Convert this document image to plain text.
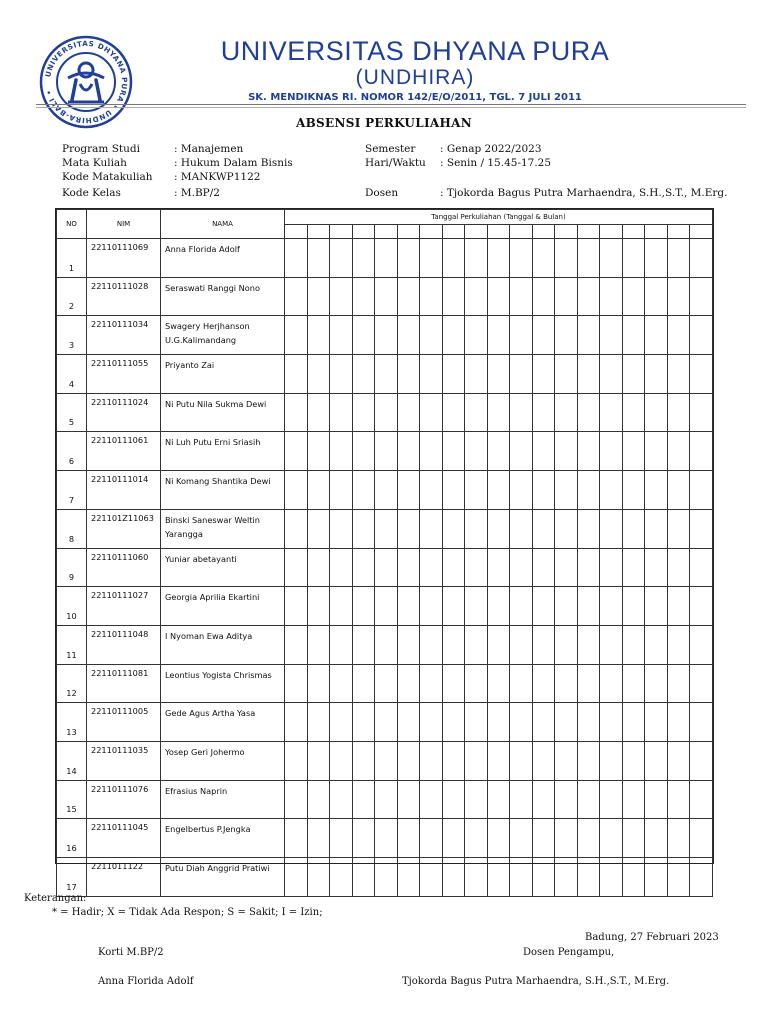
UNIVERSITAS DHYANA PURA • UNDHIRA-BALI •
UNIVERSITAS DHYANA PURA
(UNDHIRA)
SK. MENDIKNAS RI. NOMOR 142/E/O/2011, TGL. 7 JULI 2011
ABSENSI PERKULIAHAN
Program Studi	: Manajemen
Mata Kuliah	: Hukum Dalam Bisnis
Kode Matakuliah : MANKWP1122
Kode Kelas	: M.BP/2
Semester : Genap 2022/2023
Hari/Waktu : Senin / 15.45-17.25
Dosen	: Tjokorda Bagus Putra Marhaendra, S.H.,S.T., M.Erg.
NO	NIM	NAMA	Tanggal Perkuliahan (Tanggal & Bulan)																		

1	22110111069	Anna Florida Adolf																			
2	22110111028	Seraswati Ranggi Nono																			
3	22110111034	Swagery Herjhanson U.G.Kalimandang																			
4	22110111055	Priyanto Zai																			
5	22110111024	Ni Putu Nila Sukma Dewi																			
6	22110111061	Ni Luh Putu Erni Sriasih																			
7	22110111014	Ni Komang Shantika Dewi																			
8	221101Z11063	Binski Saneswar Weltin Yarangga																			
9	22110111060	Yuniar abetayanti																			
10	22110111027	Georgia Aprilia Ekartini																			
11	22110111048	I Nyoman Ewa Aditya																			
12	22110111081	Leontius Yogista Chrismas																			
13	22110111005	Gede Agus Artha Yasa																			
14	22110111035	Yosep Geri Johermo																			
15	22110111076	Efrasius Naprin																			
16	22110111045	Engelbertus P.Jengka																			
17	2211011122	Putu Diah Anggrid Pratiwi																			
Keterangan:
* = Hadir; X = Tidak Ada Respon; S = Sakit; I = Izin;
Badung, 27 Februari 2023
Korti M.BP/2	Dosen Pengampu,
Anna Florida Adolf	Tjokorda Bagus Putra Marhaendra, S.H.,S.T., M.Erg.
